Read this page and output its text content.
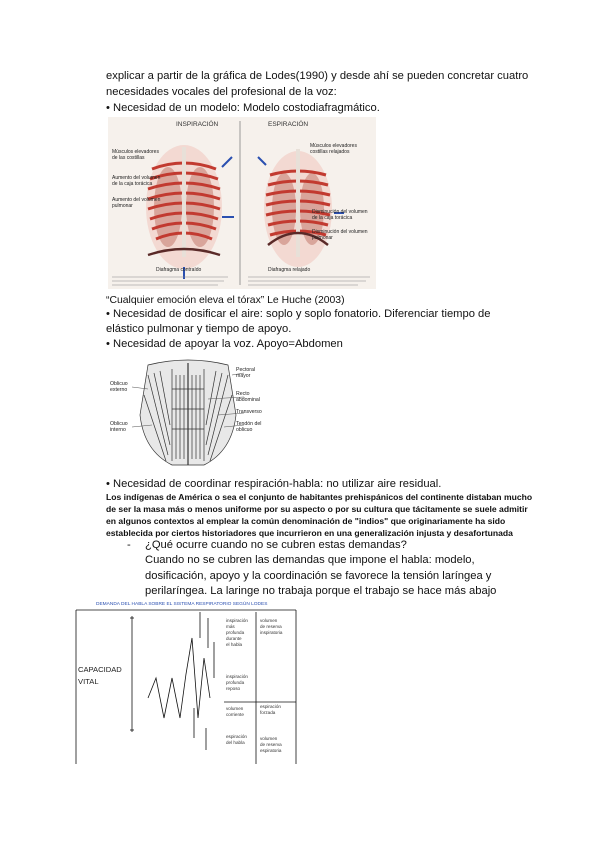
explicar a partir de la gráfica de Lodes(1990) y desde ahí se pueden concretar cuatro
necesidades vocales del profesional de la voz:
• Necesidad de un modelo: Modelo costodiafragmático.
INSPIRACIÓN	ESPIRACIÓN
Músculos elevadores
de las costillas
Aumento del volumen
de la caja torácica
Aumento del volumen
pulmonar
Diafragma contraído
Músculos elevadores
costillas relajados
Disminución del volumen
de la caja torácica
Disminución del volumen
pulmonar
Diafragma relajado
“Cualquier emoción eleva el tórax” Le Huche (2003)
• Necesidad de dosificar el aire: soplo y soplo fonatorio. Diferenciar tiempo de
elástico pulmonar y tiempo de apoyo.
• Necesidad de apoyar la voz. Apoyo=Abdomen
Oblicuo
externo
Oblicuo
interno
Pectoral
mayor
Recto
abdominal
Transverso
Tendón del
oblicuo
• Necesidad de coordinar respiración-habla: no utilizar aire residual.
Los indígenas de América o sea el conjunto de habitantes prehispánicos del continente distaban mucho
de ser la masa más o menos uniforme por su aspecto o por su cultura que tácitamente se suele admitir
en algunos contextos al emplear la común denominación de "indios" que originariamente ha sido
establecida por ciertos historiadores que incurrieron en una generalización injusta y desafortunada
- ¿Qué ocurre cuando no se cubren estas demandas?
Cuando no se cubren las demandas que impone el habla: modelo,
dosificación, apoyo y la coordinación se favorece la tensión laríngea y
perilaríngea. La laringe no trabaja porque el trabajo se hace más abajo
DEMANDA DEL HABLA SOBRE EL SISTEMA RESPIRATORIO SEGÚN LODES
CAPACIDAD
VITAL
inspiración
más
profunda
durante
el habla
inspiración
profunda
reposo
volumen
de reserva
inspiratoria
volumen
corriente
espiración
del habla
espiración
forzada
volumen
de reserva
espiratoria
